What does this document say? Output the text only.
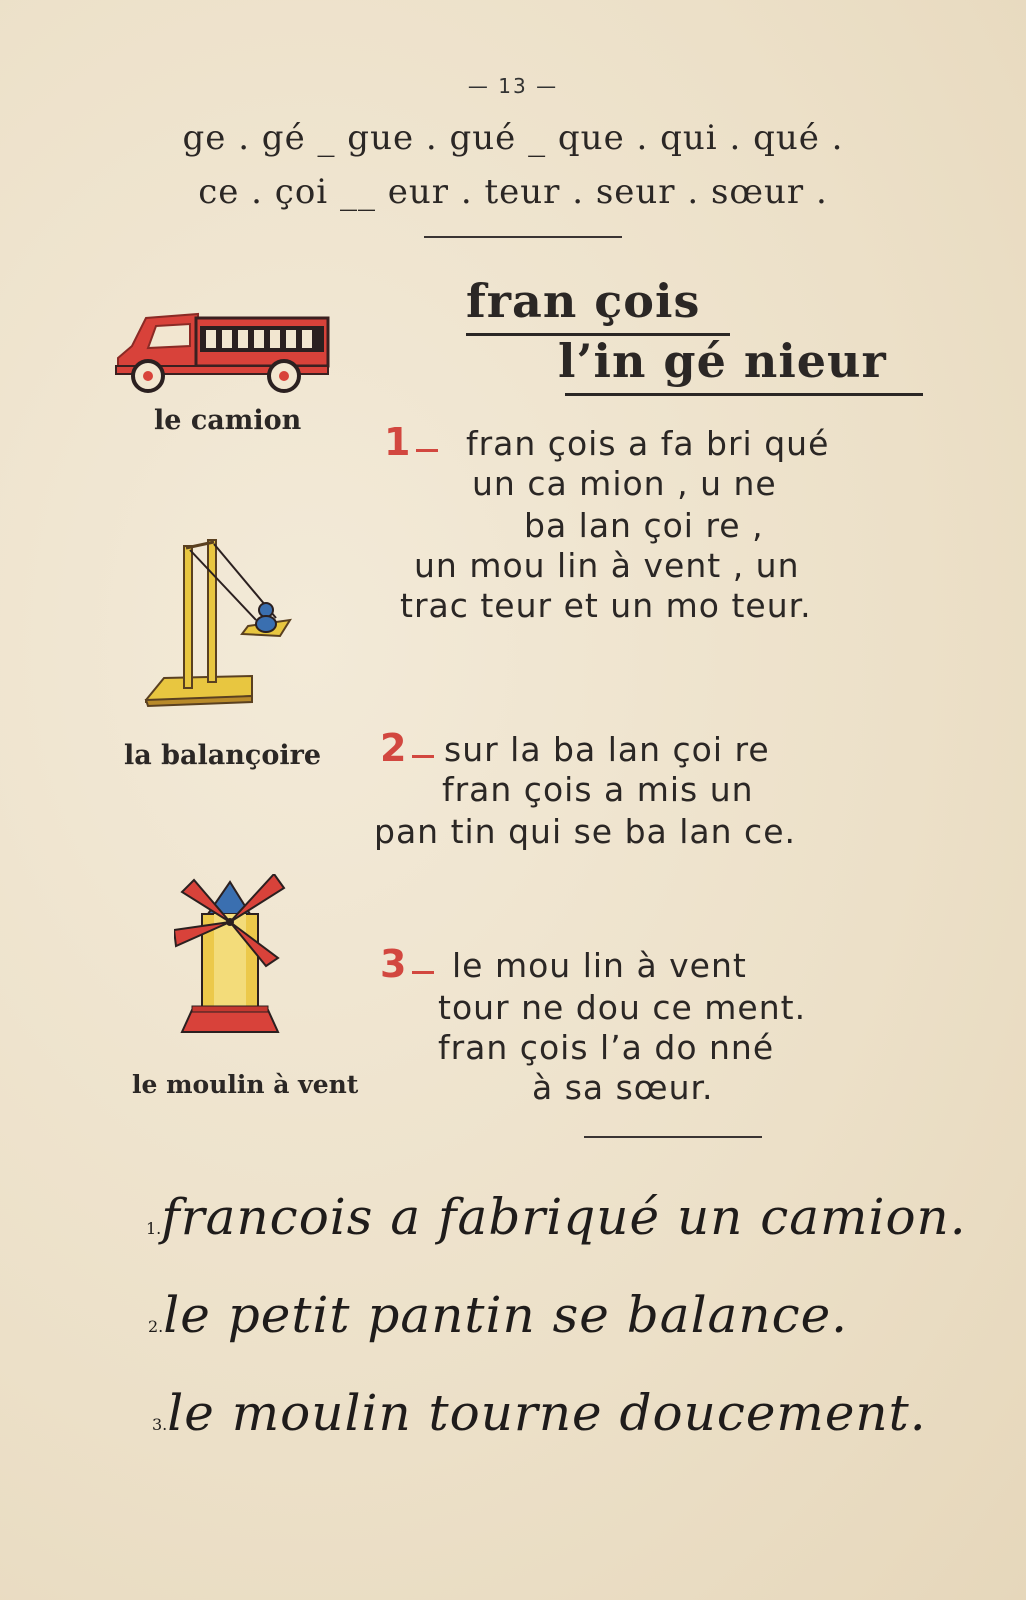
— 13 —
ge . gé _ gue . gué _ que . qui . qué .
ce . çoi __ eur . teur . seur . sœur .
fran çois
l’in gé nieur
le camion
la balançoire
le moulin à vent
1	fran çois a fa bri qué
un ca mion , u ne
ba lan çoi re ,
un mou lin à vent , un
trac teur et un mo teur.
2	sur la ba lan çoi re
fran çois a mis un
pan tin qui se ba lan ce.
3	le mou lin à vent
tour ne dou ce ment.
fran çois l’a do nné
à sa sœur.
1.francois a fabriqué un camion.
2.le petit pantin se balance.
3.le moulin tourne doucement.
